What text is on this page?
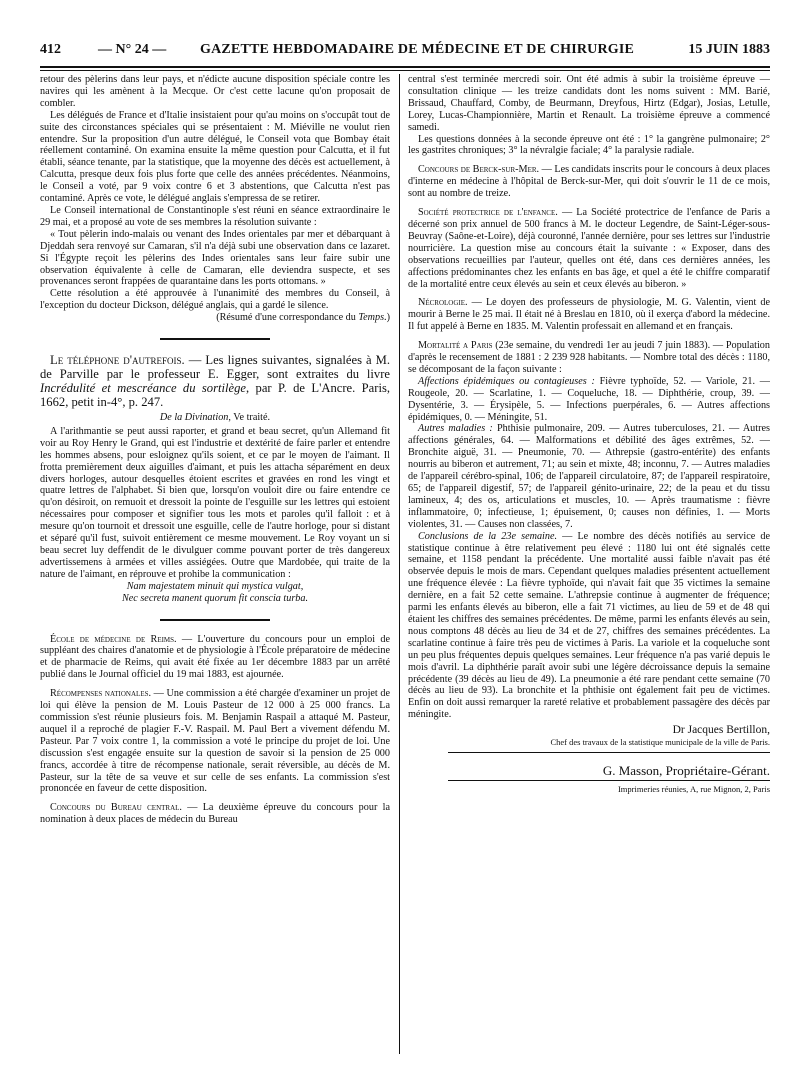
412	— N° 24 — GAZETTE HEBDOMADAIRE DE MÉDECINE ET DE CHIRURGIE	15 JUIN 1883

retour des pèlerins dans leur pays, et n'édicte aucune disposition spéciale contre les navires qui les amènent à la Mecque. Or c'est cette lacune qu'on proposait de combler.

Les délégués de France et d'Italie insistaient pour qu'au moins on s'occupât tout de suite des circonstances spéciales qui se présentaient : M. Miéville ne voulut rien entendre. Sur la proposition d'un autre délégué, le Conseil vota que Bombay était réellement contaminé. On examina ensuite la même question pour Calcutta, et il fut établi, séance tenante, par la statistique, que la moyenne des décès est actuellement, à Calcutta, presque deux fois plus forte que celle des années précédentes. Néanmoins, le Conseil a voté, par 9 voix contre 6 et 3 abstentions, que Calcutta n'est pas contaminé. Après ce vote, le délégué anglais s'empressa de se retirer.

Le Conseil international de Constantinople s'est réuni en séance extraordinaire le 29 mai, et a proposé au vote de ses membres la résolution suivante :

« Tout pèlerin indo-malais ou venant des Indes orientales par mer et débarquant à Djeddah sera renvoyé sur Camaran, s'il n'a déjà subi une observation dans ce lazaret. Si l'Égypte reçoit les pèlerins des Indes orientales sans leur faire subir une observation équivalente à celle de Camaran, elle deviendra suspecte, et ses provenances seront frappées de quarantaine dans les ports ottomans. »

Cette résolution a été approuvée à l'unanimité des membres du Conseil, à l'exception du docteur Dickson, délégué anglais, qui a gardé le silence.

(Résumé d'une correspondance du Temps.)

Le téléphone d'autrefois. — Les lignes suivantes, signalées à M. de Parville par le professeur E. Egger, sont extraites du livre Incrédulité et mescréance du sortilège, par P. de L'Ancre. Paris, 1662, petit in-4°, p. 247.

De la Divination, Ve traité.

A l'arithmantie se peut aussi raporter, et grand et beau secret, qu'un Allemand fit voir au Roy Henry le Grand, qui est l'industrie et dextérité de faire parler et entendre les hommes absens, pour esloignez qu'ils soient, et ce par le moyen de l'aimant. Il frotta premièrement deux aiguilles d'aimant, et puis les attacha séparément en deux divers horloges, autour desquelles étoient escrites et gravées en rond les vingt et quatre lettres de l'alphabet. Si bien que, lorsqu'on vouloit dire ou faire entendre ce qu'on désiroit, on remuoit et dressoit la pointe de l'esguille sur les lettres qui estoient nécessaires pour composer et signifier tous les mots et paroles qu'il falloit : et à mesure qu'on tournoit et dressoit une esguille, celle de l'autre horloge, pour si distant et séparé qu'il fust, suivoit entièrement ce mesme mouvement. Le Roy voyant un si beau secret luy deffendit de le divulguer comme pouvant porter de très dangereux advertissemens à armées et villes assiégées. Outre que Mardobée, qui traite de la nature de l'aimant, en réprouve et prohibe la communication :

Nam majestatem minuit qui mystica vulgat,

Nec secreta manent quorum fit conscia turba.

École de médecine de Reims. — L'ouverture du concours pour un emploi de suppléant des chaires d'anatomie et de physiologie à l'École préparatoire de médecine et de pharmacie de Reims, qui avait été fixée au 1er décembre 1883 par un arrêté publié dans le Journal officiel du 19 mai 1883, est ajournée.

Récompenses nationales. — Une commission a été chargée d'examiner un projet de loi qui élève la pension de M. Louis Pasteur de 12 000 à 25 000 francs. La commission s'est réunie plusieurs fois. M. Benjamin Raspail a attaqué M. Pasteur, auquel il a reproché de plagier F.-V. Raspail. M. Paul Bert a vivement défendu M. Pasteur. Par 7 voix contre 1, la commission a voté le principe du projet de loi. Une discussion s'est engagée ensuite sur la question de savoir si la pension de 25 000 francs, accordée à titre de récompense nationale, serait réversible, au décès de M. Pasteur, sur la tête de sa veuve et sur celle de ses enfants. La commission s'est prononcée en faveur de cette disposition.

Concours du Bureau central. — La deuxième épreuve du concours pour la nomination à deux places de médecin du Bureau

central s'est terminée mercredi soir. Ont été admis à subir la troisième épreuve — consultation clinique — les treize candidats dont les noms suivent : MM. Barié, Brissaud, Chauffard, Comby, de Beurmann, Dreyfous, Hirtz (Edgar), Josias, Letulle, Lorey, Lucas-Championnière, Martin et Renault. La troisième épreuve a commencé samedi.

Les questions données à la seconde épreuve ont été : 1° la gangrène pulmonaire; 2° les gastrites chroniques; 3° la névralgie faciale; 4° la paralysie radiale.

Concours de Berck-sur-Mer. — Les candidats inscrits pour le concours à deux places d'interne en médecine à l'hôpital de Berck-sur-Mer, qui doit s'ouvrir le 11 de ce mois, sont au nombre de treize.

Société protectrice de l'enfance. — La Société protectrice de l'enfance de Paris a décerné son prix annuel de 500 francs à M. le docteur Legendre, de Saint-Léger-sous-Beuvray (Saône-et-Loire), déjà couronné, l'année dernière, pour ses lettres sur l'industrie nourricière. La question mise au concours était la suivante : « Exposer, dans des observations recueillies par l'auteur, quelles ont été, dans ces dernières années, les affections prédominantes chez les enfants en bas âge, et quel a été le chiffre comparatif de la mortalité entre ceux élevés au sein et ceux élevés au biberon. »

Nécrologie. — Le doyen des professeurs de physiologie, M. G. Valentin, vient de mourir à Berne le 25 mai. Il était né à Breslau en 1810, où il exerça d'abord la médecine. Il fut appelé à Berne en 1835. M. Valentin professait en allemand et en français.

Mortalité a Paris (23e semaine, du vendredi 1er au jeudi 7 juin 1883). — Population d'après le recensement de 1881 : 2 239 928 habitants. — Nombre total des décès : 1180, se décomposant de la façon suivante :

Affections épidémiques ou contagieuses : Fièvre typhoïde, 52. — Variole, 21. — Rougeole, 20. — Scarlatine, 1. — Coqueluche, 18. — Diphthérie, croup, 39. — Dysentérie, 3. — Érysipèle, 5. — Infections puerpérales, 6. — Autres affections épidémiques, 0. — Méningite, 51.

Autres maladies : Phthisie pulmonaire, 209. — Autres tuberculoses, 21. — Autres affections générales, 64. — Malformations et débilité des âges extrêmes, 52. — Bronchite aiguë, 31. — Pneumonie, 70. — Athrepsie (gastro-entérite) des enfants nourris au biberon et autrement, 71; au sein et mixte, 48; inconnu, 7. — Autres maladies de l'appareil cérébro-spinal, 106; de l'appareil circulatoire, 87; de l'appareil respiratoire, 65; de l'appareil digestif, 57; de l'appareil génito-urinaire, 22; de la peau et du tissu lamineux, 4; des os, articulations et muscles, 10. — Après traumatisme : fièvre inflammatoire, 0; infectieuse, 1; épuisement, 0; causes non définies, 1. — Morts violentes, 31. — Causes non classées, 7.

Conclusions de la 23e semaine. — Le nombre des décès notifiés au service de statistique continue à être relativement peu élevé : 1180 lui ont été signalés cette semaine, et 1158 pendant la précédente. Une mortalité aussi faible n'avait pas été observée depuis le mois de mars. Cependant quelques maladies présentent actuellement une fréquence élevée : La fièvre typhoïde, qui n'avait fait que 35 victimes la semaine dernière, en a fait 52 cette semaine. L'athrepsie continue à augmenter de fréquence; parmi les enfants élevés au biberon, elle a fait 71 victimes, au lieu de 59 et de 48 qui étaient les chiffres des semaines précédentes. De même, parmi les enfants élevés au sein, nous comptons 48 décès au lieu de 34 et de 27, chiffres des semaines précédentes. La scarlatine continue à faire très peu de victimes à Paris. La variole et la coqueluche sont un peu plus fréquentes depuis quelques semaines. Leur fréquence n'a pas varié depuis le mois d'avril. La diphthérie paraît avoir subi une légère décroissance depuis la semaine précédente (39 décès au lieu de 49). La pneumonie a été rare pendant cette semaine (70 décès au lieu de 93). La bronchite et la phthisie ont également fait peu de victimes. Enfin on doit aussi remarquer la rareté relative et probablement passagère des décès par méningite.

Dr Jacques Bertillon,

Chef des travaux de la statistique municipale de la ville de Paris.

G. Masson, Propriétaire-Gérant.

Imprimeries réunies, A, rue Mignon, 2, Paris
